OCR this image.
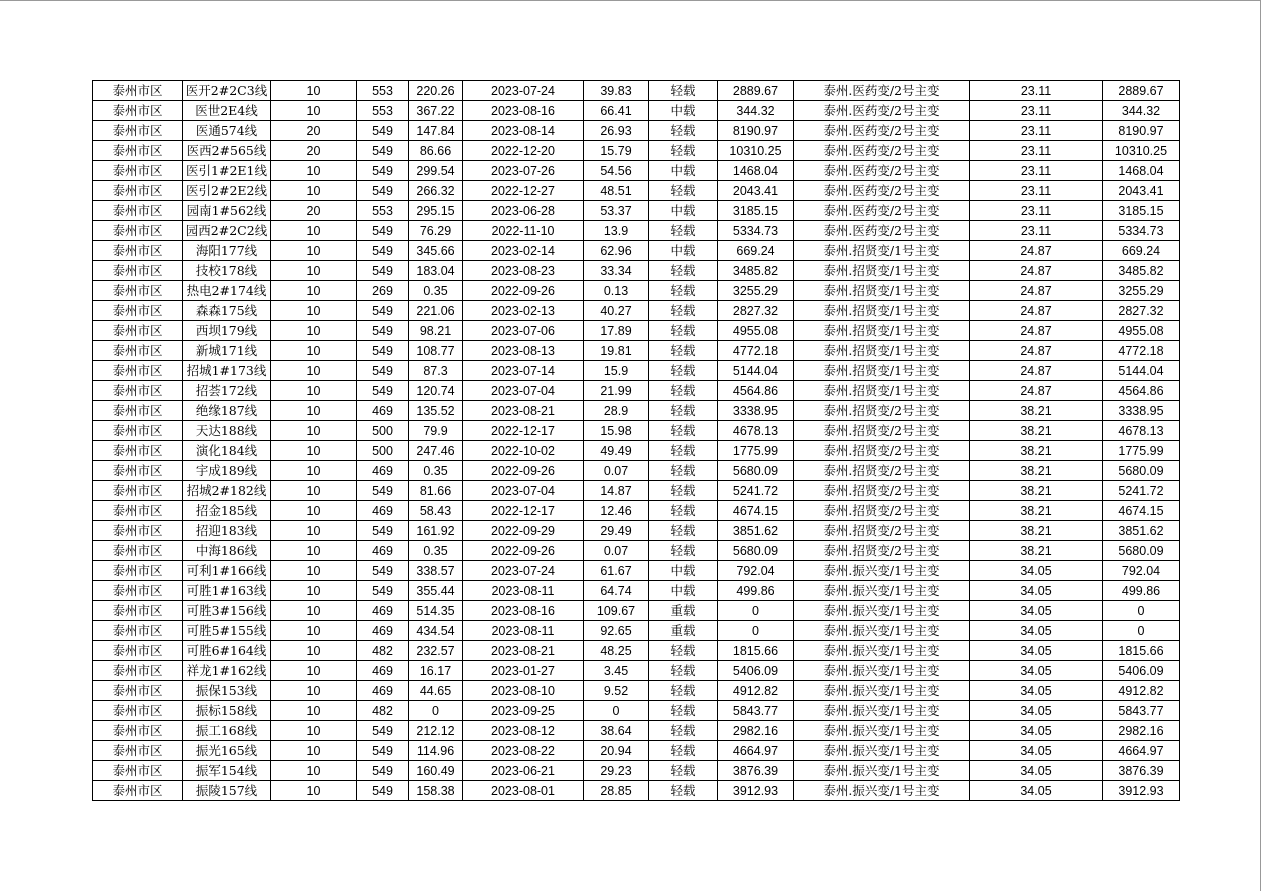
泰州市区	医开2#2C3线	10	553	220.26	2023-07-24	39.83	轻载	2889.67	泰州.医药变/2号主变	23.11	2889.67
泰州市区	医世2E4线	10	553	367.22	2023-08-16	66.41	中载	344.32	泰州.医药变/2号主变	23.11	344.32
泰州市区	医通574线	20	549	147.84	2023-08-14	26.93	轻载	8190.97	泰州.医药变/2号主变	23.11	8190.97
泰州市区	医西2#565线	20	549	86.66	2022-12-20	15.79	轻载	10310.25	泰州.医药变/2号主变	23.11	10310.25
泰州市区	医引1#2E1线	10	549	299.54	2023-07-26	54.56	中载	1468.04	泰州.医药变/2号主变	23.11	1468.04
泰州市区	医引2#2E2线	10	549	266.32	2022-12-27	48.51	轻载	2043.41	泰州.医药变/2号主变	23.11	2043.41
泰州市区	园南1#562线	20	553	295.15	2023-06-28	53.37	中载	3185.15	泰州.医药变/2号主变	23.11	3185.15
泰州市区	园西2#2C2线	10	549	76.29	2022-11-10	13.9	轻载	5334.73	泰州.医药变/2号主变	23.11	5334.73
泰州市区	海阳177线	10	549	345.66	2023-02-14	62.96	中载	669.24	泰州.招贤变/1号主变	24.87	669.24
泰州市区	技校178线	10	549	183.04	2023-08-23	33.34	轻载	3485.82	泰州.招贤变/1号主变	24.87	3485.82
泰州市区	热电2#174线	10	269	0.35	2022-09-26	0.13	轻载	3255.29	泰州.招贤变/1号主变	24.87	3255.29
泰州市区	森森175线	10	549	221.06	2023-02-13	40.27	轻载	2827.32	泰州.招贤变/1号主变	24.87	2827.32
泰州市区	西坝179线	10	549	98.21	2023-07-06	17.89	轻载	4955.08	泰州.招贤变/1号主变	24.87	4955.08
泰州市区	新城171线	10	549	108.77	2023-08-13	19.81	轻载	4772.18	泰州.招贤变/1号主变	24.87	4772.18
泰州市区	招城1#173线	10	549	87.3	2023-07-14	15.9	轻载	5144.04	泰州.招贤变/1号主变	24.87	5144.04
泰州市区	招荟172线	10	549	120.74	2023-07-04	21.99	轻载	4564.86	泰州.招贤变/1号主变	24.87	4564.86
泰州市区	绝缘187线	10	469	135.52	2023-08-21	28.9	轻载	3338.95	泰州.招贤变/2号主变	38.21	3338.95
泰州市区	天达188线	10	500	79.9	2022-12-17	15.98	轻载	4678.13	泰州.招贤变/2号主变	38.21	4678.13
泰州市区	演化184线	10	500	247.46	2022-10-02	49.49	轻载	1775.99	泰州.招贤变/2号主变	38.21	1775.99
泰州市区	宇成189线	10	469	0.35	2022-09-26	0.07	轻载	5680.09	泰州.招贤变/2号主变	38.21	5680.09
泰州市区	招城2#182线	10	549	81.66	2023-07-04	14.87	轻载	5241.72	泰州.招贤变/2号主变	38.21	5241.72
泰州市区	招金185线	10	469	58.43	2022-12-17	12.46	轻载	4674.15	泰州.招贤变/2号主变	38.21	4674.15
泰州市区	招迎183线	10	549	161.92	2022-09-29	29.49	轻载	3851.62	泰州.招贤变/2号主变	38.21	3851.62
泰州市区	中海186线	10	469	0.35	2022-09-26	0.07	轻载	5680.09	泰州.招贤变/2号主变	38.21	5680.09
泰州市区	可利1#166线	10	549	338.57	2023-07-24	61.67	中载	792.04	泰州.振兴变/1号主变	34.05	792.04
泰州市区	可胜1#163线	10	549	355.44	2023-08-11	64.74	中载	499.86	泰州.振兴变/1号主变	34.05	499.86
泰州市区	可胜3#156线	10	469	514.35	2023-08-16	109.67	重载	0	泰州.振兴变/1号主变	34.05	0
泰州市区	可胜5#155线	10	469	434.54	2023-08-11	92.65	重载	0	泰州.振兴变/1号主变	34.05	0
泰州市区	可胜6#164线	10	482	232.57	2023-08-21	48.25	轻载	1815.66	泰州.振兴变/1号主变	34.05	1815.66
泰州市区	祥龙1#162线	10	469	16.17	2023-01-27	3.45	轻载	5406.09	泰州.振兴变/1号主变	34.05	5406.09
泰州市区	振保153线	10	469	44.65	2023-08-10	9.52	轻载	4912.82	泰州.振兴变/1号主变	34.05	4912.82
泰州市区	振标158线	10	482	0	2023-09-25	0	轻载	5843.77	泰州.振兴变/1号主变	34.05	5843.77
泰州市区	振工168线	10	549	212.12	2023-08-12	38.64	轻载	2982.16	泰州.振兴变/1号主变	34.05	2982.16
泰州市区	振光165线	10	549	114.96	2023-08-22	20.94	轻载	4664.97	泰州.振兴变/1号主变	34.05	4664.97
泰州市区	振军154线	10	549	160.49	2023-06-21	29.23	轻载	3876.39	泰州.振兴变/1号主变	34.05	3876.39
泰州市区	振陵157线	10	549	158.38	2023-08-01	28.85	轻载	3912.93	泰州.振兴变/1号主变	34.05	3912.93
